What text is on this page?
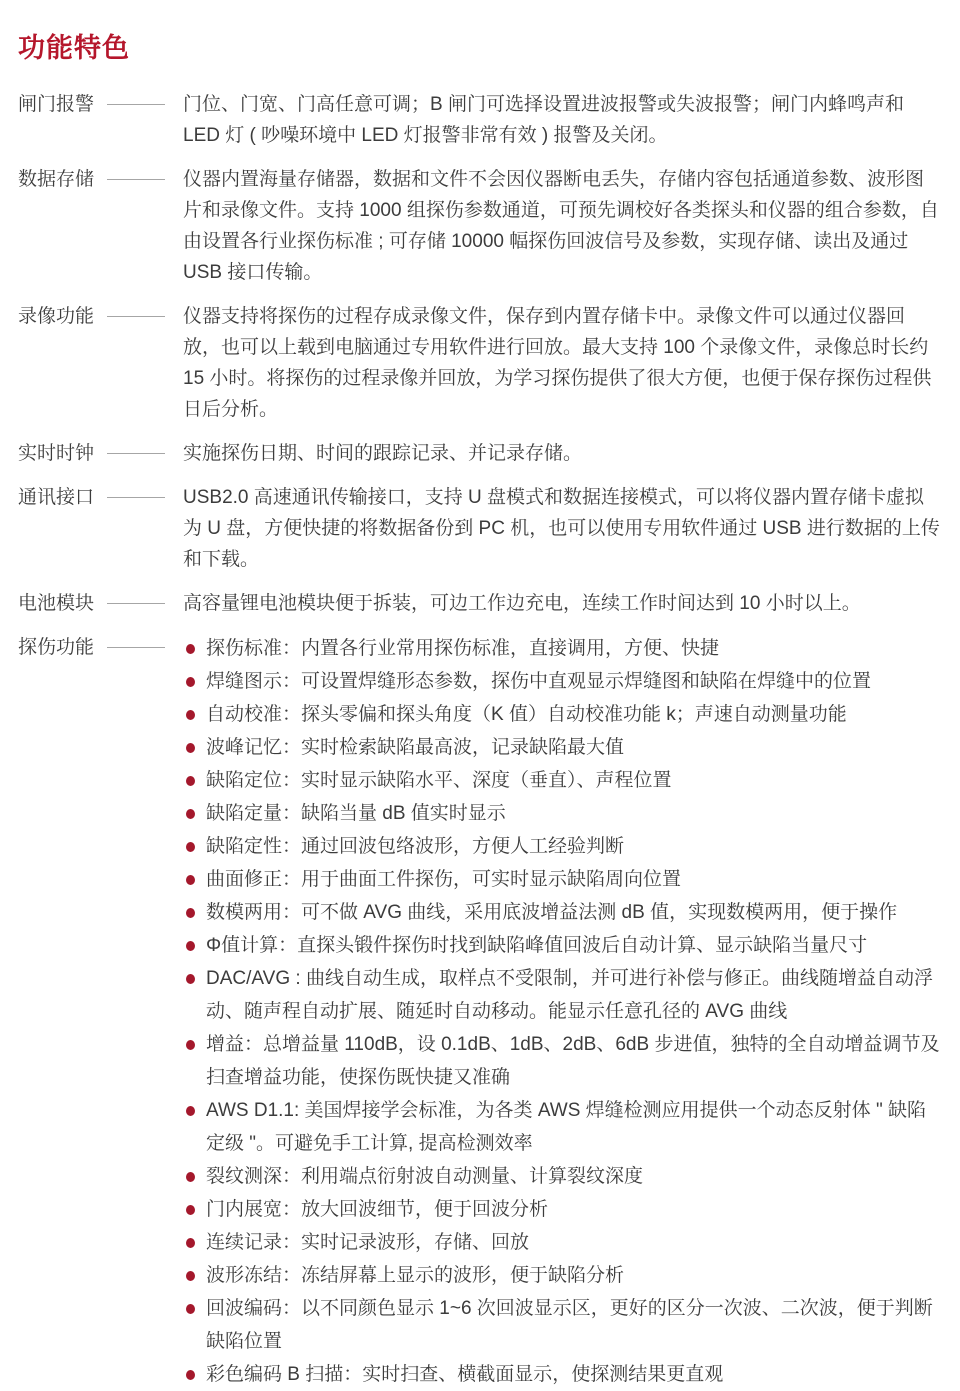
功能特色
闸门报警	门位、门宽、门高任意可调；B 闸门可选择设置进波报警或失波报警；闸门内蜂鸣声和 LED 灯 ( 吵噪环境中 LED 灯报警非常有效 ) 报警及关闭。
数据存储	仪器内置海量存储器，数据和文件不会因仪器断电丢失，存储内容包括通道参数、波形图片和录像文件。支持 1000 组探伤参数通道，可预先调校好各类探头和仪器的组合参数，自由设置各行业探伤标准 ; 可存储 10000 幅探伤回波信号及参数，实现存储、读出及通过 USB 接口传输。
录像功能	仪器支持将探伤的过程存成录像文件，保存到内置存储卡中。录像文件可以通过仪器回放，也可以上载到电脑通过专用软件进行回放。最大支持 100 个录像文件，录像总时长约 15 小时。将探伤的过程录像并回放，为学习探伤提供了很大方便，也便于保存探伤过程供日后分析。
实时时钟	实施探伤日期、时间的跟踪记录、并记录存储。
通讯接口	USB2.0 高速通讯传输接口，支持 U 盘模式和数据连接模式，可以将仪器内置存储卡虚拟为 U 盘，方便快捷的将数据备份到 PC 机，也可以使用专用软件通过 USB 进行数据的上传和下载。
电池模块	高容量锂电池模块便于拆装，可边工作边充电，连续工作时间达到 10 小时以上。
探伤功能	探伤标准：内置各行业常用探伤标准，直接调用，方便、快捷
焊缝图示：可设置焊缝形态参数，探伤中直观显示焊缝图和缺陷在焊缝中的位置
自动校准：探头零偏和探头角度（K 值）自动校准功能 k；声速自动测量功能
波峰记忆：实时检索缺陷最高波，记录缺陷最大值
缺陷定位：实时显示缺陷水平、深度（垂直）、声程位置
缺陷定量：缺陷当量 dB 值实时显示
缺陷定性：通过回波包络波形，方便人工经验判断
曲面修正：用于曲面工件探伤，可实时显示缺陷周向位置
数模两用：可不做 AVG 曲线，采用底波增益法测 dB 值，实现数模两用，便于操作
Φ值计算：直探头锻件探伤时找到缺陷峰值回波后自动计算、显示缺陷当量尺寸
DAC/AVG : 曲线自动生成，取样点不受限制，并可进行补偿与修正。曲线随增益自动浮动、随声程自动扩展、随延时自动移动。能显示任意孔径的 AVG 曲线
增益：总增益量 110dB，设 0.1dB、1dB、2dB、6dB 步进值，独特的全自动增益调节及扫查增益功能，使探伤既快捷又准确
AWS D1.1: 美国焊接学会标准，为各类 AWS 焊缝检测应用提供一个动态反射体 " 缺陷定级 "。可避免手工计算, 提高检测效率
裂纹测深：利用端点衍射波自动测量、计算裂纹深度
门内展宽：放大回波细节，便于回波分析
连续记录：实时记录波形，存储、回放
波形冻结：冻结屏幕上显示的波形，便于缺陷分析
回波编码：以不同颜色显示 1~6 次回波显示区，更好的区分一次波、二次波，便于判断缺陷位置
彩色编码 B 扫描：实时扫查、横截面显示，使探测结果更直观
